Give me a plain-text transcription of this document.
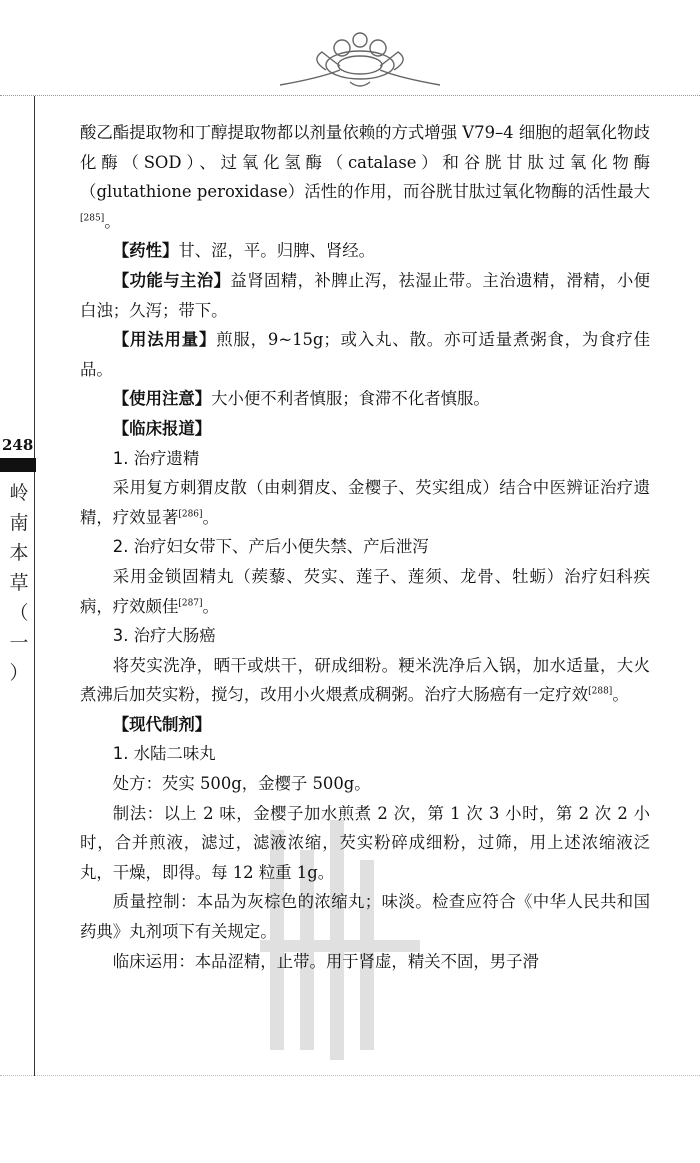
248
岭
南
本
草
（
一
）

酸乙酯提取物和丁醇提取物都以剂量依赖的方式增强 V79–4 细胞的超氧化物歧化酶（SOD）、过氧化氢酶（catalase）和谷胱甘肽过氧化物酶（glutathione peroxidase）活性的作用，而谷胱甘肽过氧化物酶的活性最大[285]。

【药性】甘、涩，平。归脾、肾经。

【功能与主治】益肾固精，补脾止泻，祛湿止带。主治遗精，滑精，小便白浊；久泻；带下。

【用法用量】煎服，9~15g；或入丸、散。亦可适量煮粥食，为食疗佳品。

【使用注意】大小便不利者慎服；食滞不化者慎服。

【临床报道】

1. 治疗遗精

采用复方刺猬皮散（由刺猬皮、金樱子、芡实组成）结合中医辨证治疗遗精，疗效显著[286]。

2. 治疗妇女带下、产后小便失禁、产后泄泻

采用金锁固精丸（蒺藜、芡实、莲子、莲须、龙骨、牡蛎）治疗妇科疾病，疗效颇佳[287]。

3. 治疗大肠癌

将芡实洗净，晒干或烘干，研成细粉。粳米洗净后入锅，加水适量，大火煮沸后加芡实粉，搅匀，改用小火煨煮成稠粥。治疗大肠癌有一定疗效[288]。

【现代制剂】

1. 水陆二味丸

处方：芡实 500g，金樱子 500g。

制法：以上 2 味，金樱子加水煎煮 2 次，第 1 次 3 小时，第 2 次 2 小时，合并煎液，滤过，滤液浓缩，芡实粉碎成细粉，过筛，用上述浓缩液泛丸，干燥，即得。每 12 粒重 1g。

质量控制：本品为灰棕色的浓缩丸；味淡。检查应符合《中华人民共和国药典》丸剂项下有关规定。

临床运用：本品涩精，止带。用于肾虚，精关不固，男子滑
